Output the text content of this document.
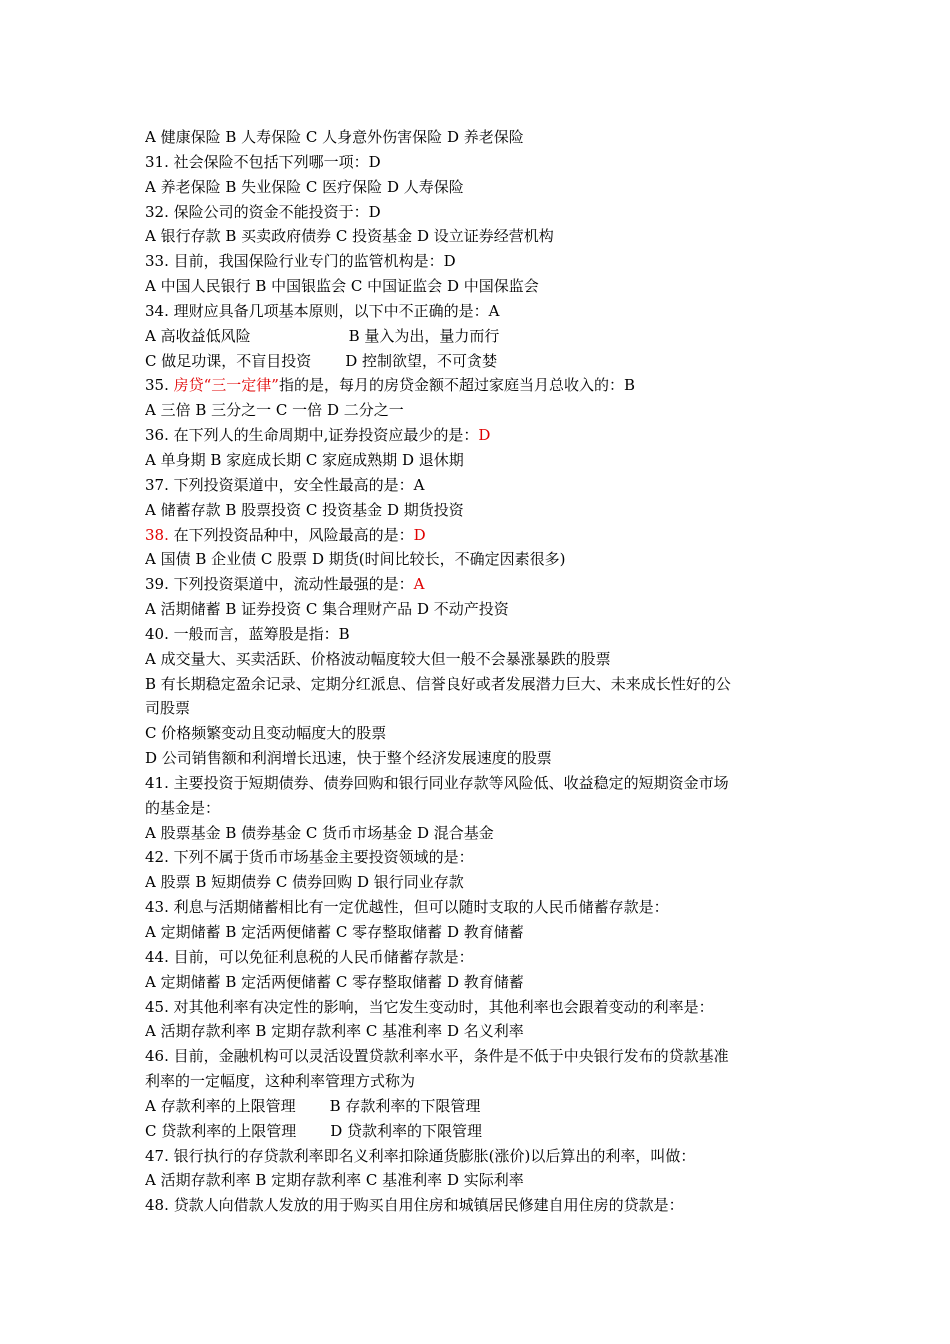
A 健康保险 B 人寿保险 C 人身意外伤害保险 D 养老保险
31. 社会保险不包括下列哪一项：D
A 养老保险 B 失业保险 C 医疗保险 D 人寿保险
32. 保险公司的资金不能投资于：D
A 银行存款 B 买卖政府债券 C 投资基金 D 设立证券经营机构
33. 目前，我国保险行业专门的监管机构是：D
A 中国人民银行 B 中国银监会 C 中国证监会 D 中国保监会
34. 理财应具备几项基本原则，以下中不正确的是：A
A 高收益低风险	B 量入为出，量力而行
C 做足功课，不盲目投资 D 控制欲望，不可贪婪
35. 房贷“三一定律”指的是，每月的房贷金额不超过家庭当月总收入的：B
A 三倍 B 三分之一 C 一倍 D 二分之一
36. 在下列人的生命周期中,证券投资应最少的是：D
A 单身期 B 家庭成长期 C 家庭成熟期 D 退休期
37. 下列投资渠道中，安全性最高的是：A
A 储蓄存款 B 股票投资 C 投资基金 D 期货投资
38. 在下列投资品种中，风险最高的是：D
A 国债 B 企业债 C 股票 D 期货(时间比较长，不确定因素很多)
39. 下列投资渠道中，流动性最强的是：A
A 活期储蓄 B 证券投资 C 集合理财产品 D 不动产投资
40. 一般而言，蓝筹股是指：B
A 成交量大、买卖活跃、价格波动幅度较大但一般不会暴涨暴跌的股票
B 有长期稳定盈余记录、定期分红派息、信誉良好或者发展潜力巨大、未来成长性好的公
司股票
C 价格频繁变动且变动幅度大的股票
D 公司销售额和利润增长迅速，快于整个经济发展速度的股票
41. 主要投资于短期债券、债券回购和银行同业存款等风险低、收益稳定的短期资金市场
的基金是：
A 股票基金 B 债券基金 C 货币市场基金 D 混合基金
42. 下列不属于货币市场基金主要投资领域的是：
A 股票 B 短期债券 C 债券回购 D 银行同业存款
43. 利息与活期储蓄相比有一定优越性，但可以随时支取的人民币储蓄存款是：
A 定期储蓄 B 定活两便储蓄 C 零存整取储蓄 D 教育储蓄
44. 目前，可以免征利息税的人民币储蓄存款是：
A 定期储蓄 B 定活两便储蓄 C 零存整取储蓄 D 教育储蓄
45. 对其他利率有决定性的影响，当它发生变动时，其他利率也会跟着变动的利率是：
A 活期存款利率 B 定期存款利率 C 基准利率 D 名义利率
46. 目前，金融机构可以灵活设置贷款利率水平，条件是不低于中央银行发布的贷款基准
利率的一定幅度，这种利率管理方式称为
A 存款利率的上限管理 B 存款利率的下限管理
C 贷款利率的上限管理 D 贷款利率的下限管理
47. 银行执行的存贷款利率即名义利率扣除通货膨胀(涨价)以后算出的利率，叫做：
A 活期存款利率 B 定期存款利率 C 基准利率 D 实际利率
48. 贷款人向借款人发放的用于购买自用住房和城镇居民修建自用住房的贷款是：
